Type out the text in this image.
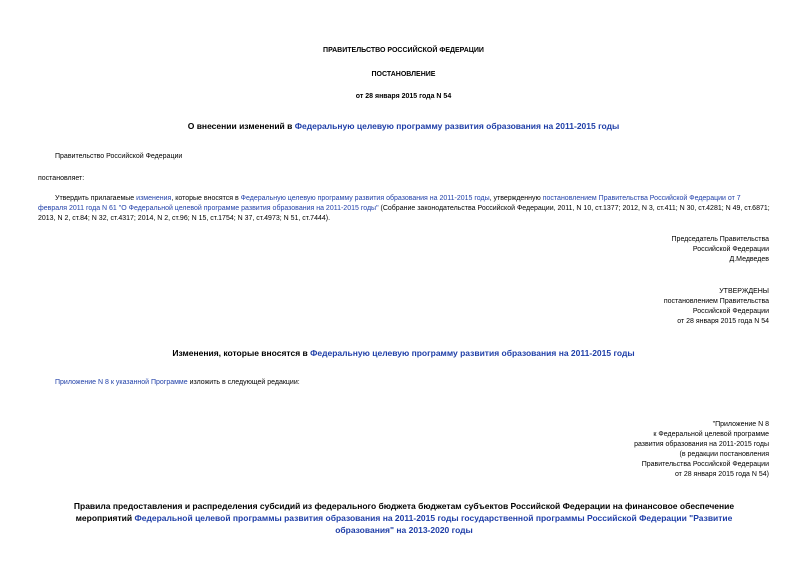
ПРАВИТЕЛЬСТВО РОССИЙСКОЙ ФЕДЕРАЦИИ
ПОСТАНОВЛЕНИЕ
от 28 января 2015 года N 54
О внесении изменений в Федеральную целевую программу развития образования на 2011-2015 годы
Правительство Российской Федерации
постановляет:
Утвердить прилагаемые изменения, которые вносятся в Федеральную целевую программу развития образования на 2011-2015 годы, утвержденную постановлением Правительства Российской Федерации от 7 февраля 2011 года N 61 "О Федеральной целевой программе развития образования на 2011-2015 годы" (Собрание законодательства Российской Федерации, 2011, N 10, ст.1377; 2012, N 3, ст.411; N 30, ст.4281; N 49, ст.6871; 2013, N 2, ст.84; N 32, ст.4317; 2014, N 2, ст.96; N 15, ст.1754; N 37, ст.4973; N 51, ст.7444).

Председатель Правительства

Российской Федерации

Д.Медведев

УТВЕРЖДЕНЫ

постановлением Правительства

Российской Федерации

от 28 января 2015 года N 54

Изменения, которые вносятся в Федеральную целевую программу развития образования на 2011-2015 годы
Приложение N 8 к указанной Программе изложить в следующей редакции:

"Приложение N 8

к Федеральной целевой программе

развития образования на 2011-2015 годы

(в редакции постановления

Правительства Российской Федерации

от 28 января 2015 года N 54)

Правила предоставления и распределения субсидий из федерального бюджета бюджетам субъектов Российской Федерации на финансовое обеспечение мероприятий Федеральной целевой программы развития образования на 2011-2015 годы государственной программы Российской Федерации "Развитие образования" на 2013-2020 годы
